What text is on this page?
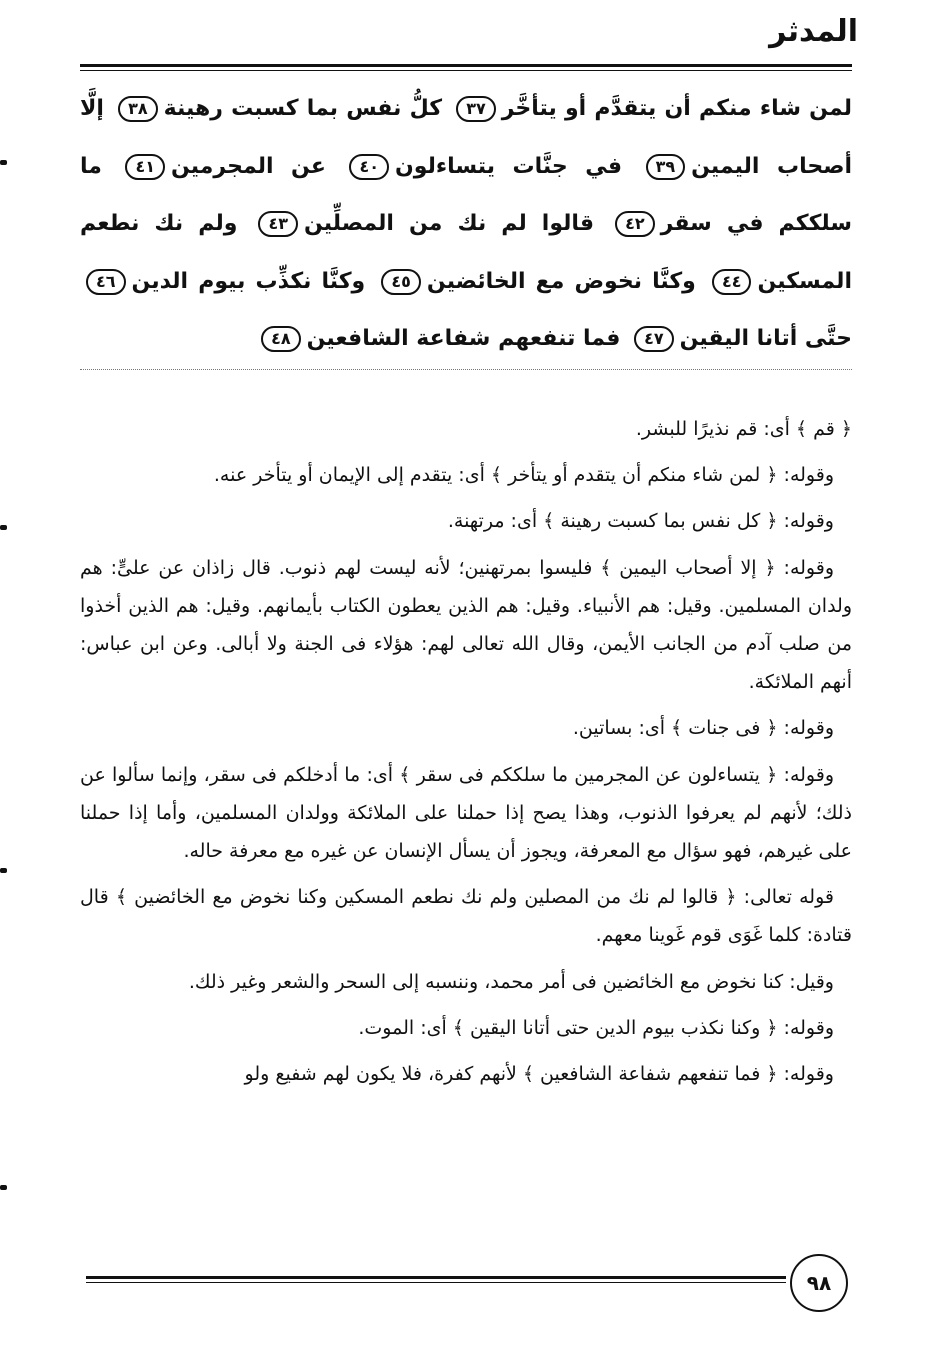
المدثر
لمن شاء منكم أن يتقدَّم أو يتأخَّر٣٧ كلُّ نفس بما كسبت رهينة٣٨ إلَّا أصحاب اليمين٣٩ في جنَّات يتساءلون٤٠ عن المجرمين٤١ ما سلككم في سقر٤٢ قالوا لم نك من المصلِّين٤٣ ولم نك نطعم المسكين٤٤ وكنَّا نخوض مع الخائضين٤٥ وكنَّا نكذِّب بيوم الدين٤٦ حتَّى أتانا اليقين٤٧ فما تنفعهم شفاعة الشافعين٤٨

﴿ قم ﴾ أى: قم نذيرًا للبشر.

وقوله: ﴿ لمن شاء منكم أن يتقدم أو يتأخر ﴾ أى: يتقدم إلى الإيمان أو يتأخر عنه.

وقوله: ﴿ كل نفس بما كسبت رهينة ﴾ أى: مرتهنة.

وقوله: ﴿ إلا أصحاب اليمين ﴾ فليسوا بمرتهنين؛ لأنه ليست لهم ذنوب. قال زاذان عن علىٍّ: هم ولدان المسلمين. وقيل: هم الأنبياء. وقيل: هم الذين يعطون الكتاب بأيمانهم. وقيل: هم الذين أخذوا من صلب آدم من الجانب الأيمن، وقال الله تعالى لهم: هؤلاء فى الجنة ولا أبالى. وعن ابن عباس: أنهم الملائكة.

وقوله: ﴿ فى جنات ﴾ أى: بساتين.

وقوله: ﴿ يتساءلون عن المجرمين ما سلككم فى سقر ﴾ أى: ما أدخلكم فى سقر، وإنما سألوا عن ذلك؛ لأنهم لم يعرفوا الذنوب، وهذا يصح إذا حملنا على الملائكة وولدان المسلمين، وأما إذا حملنا على غيرهم، فهو سؤال مع المعرفة، ويجوز أن يسأل الإنسان عن غيره مع معرفة حاله.

قوله تعالى: ﴿ قالوا لم نك من المصلين ولم نك نطعم المسكين وكنا نخوض مع الخائضين ﴾ قال قتادة: كلما غَوَى قوم غَوينا معهم.

وقيل: كنا نخوض مع الخائضين فى أمر محمد، وننسبه إلى السحر والشعر وغير ذلك.

وقوله: ﴿ وكنا نكذب بيوم الدين حتى أتانا اليقين ﴾ أى: الموت.

وقوله: ﴿ فما تنفعهم شفاعة الشافعين ﴾ لأنهم كفرة، فلا يكون لهم شفيع ولو

٩٨
